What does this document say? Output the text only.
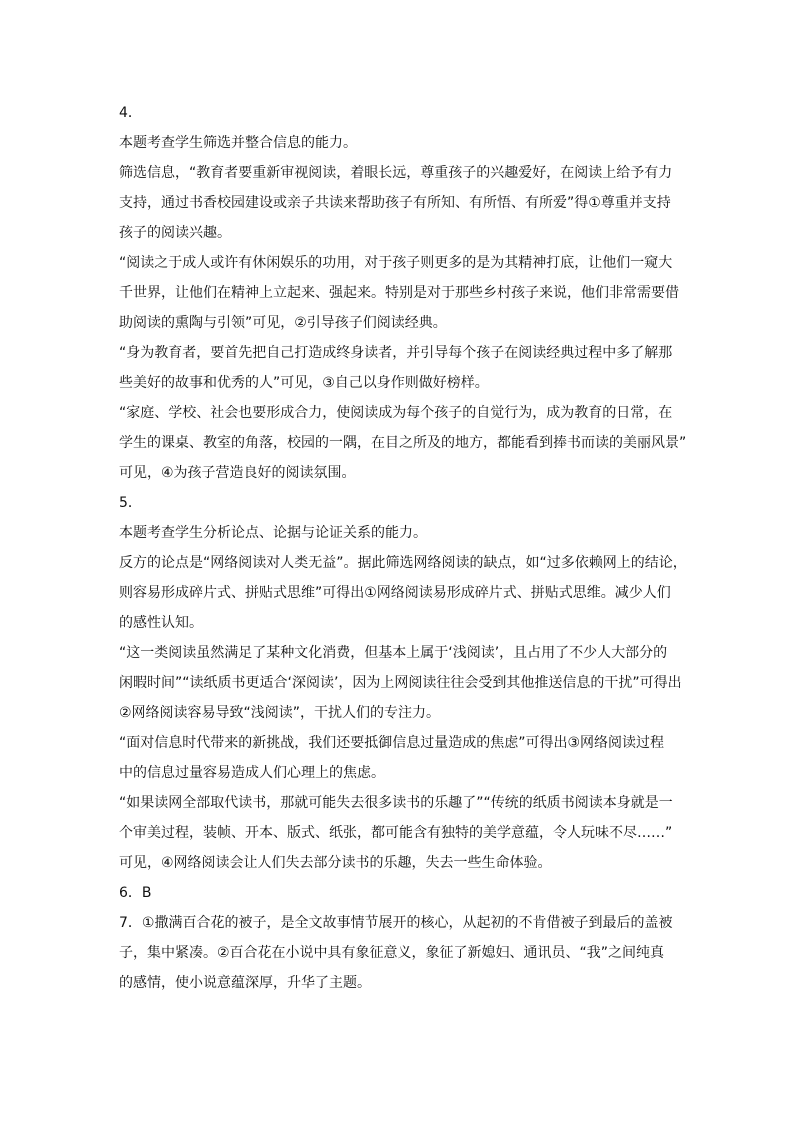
4．
本题考查学生筛选并整合信息的能力。
筛选信息，“教育者要重新审视阅读，着眼长远，尊重孩子的兴趣爱好，在阅读上给予有力
支持，通过书香校园建设或亲子共读来帮助孩子有所知、有所悟、有所爱”得①尊重并支持
孩子的阅读兴趣。
“阅读之于成人或许有休闲娱乐的功用，对于孩子则更多的是为其精神打底，让他们一窥大
千世界，让他们在精神上立起来、强起来。特别是对于那些乡村孩子来说，他们非常需要借
助阅读的熏陶与引领”可见，②引导孩子们阅读经典。
“身为教育者，要首先把自己打造成终身读者，并引导每个孩子在阅读经典过程中多了解那
些美好的故事和优秀的人”可见，③自己以身作则做好榜样。
“家庭、学校、社会也要形成合力，使阅读成为每个孩子的自觉行为，成为教育的日常，在
学生的课桌、教室的角落，校园的一隅，在目之所及的地方，都能看到捧书而读的美丽风景”
可见，④为孩子营造良好的阅读氛围。
5．
本题考查学生分析论点、论据与论证关系的能力。
反方的论点是“网络阅读对人类无益”。据此筛选网络阅读的缺点，如“过多依赖网上的结论，
则容易形成碎片式、拼贴式思维”可得出①网络阅读易形成碎片式、拼贴式思维。减少人们
的感性认知。
“这一类阅读虽然满足了某种文化消费，但基本上属于‘浅阅读’，且占用了不少人大部分的
闲暇时间”“读纸质书更适合‘深阅读’，因为上网阅读往往会受到其他推送信息的干扰”可得出
②网络阅读容易导致“浅阅读”，干扰人们的专注力。
“面对信息时代带来的新挑战，我们还要抵御信息过量造成的焦虑”可得出③网络阅读过程
中的信息过量容易造成人们心理上的焦虑。
“如果读网全部取代读书，那就可能失去很多读书的乐趣了”“传统的纸质书阅读本身就是一
个审美过程，装帧、开本、版式、纸张，都可能含有独特的美学意蕴，令人玩味不尽……”
可见，④网络阅读会让人们失去部分读书的乐趣，失去一些生命体验。
6．B
7．①撒满百合花的被子，是全文故事情节展开的核心，从起初的不肯借被子到最后的盖被
子，集中紧凑。②百合花在小说中具有象征意义，象征了新媳妇、通讯员、“我”之间纯真
的感情，使小说意蕴深厚，升华了主题。
